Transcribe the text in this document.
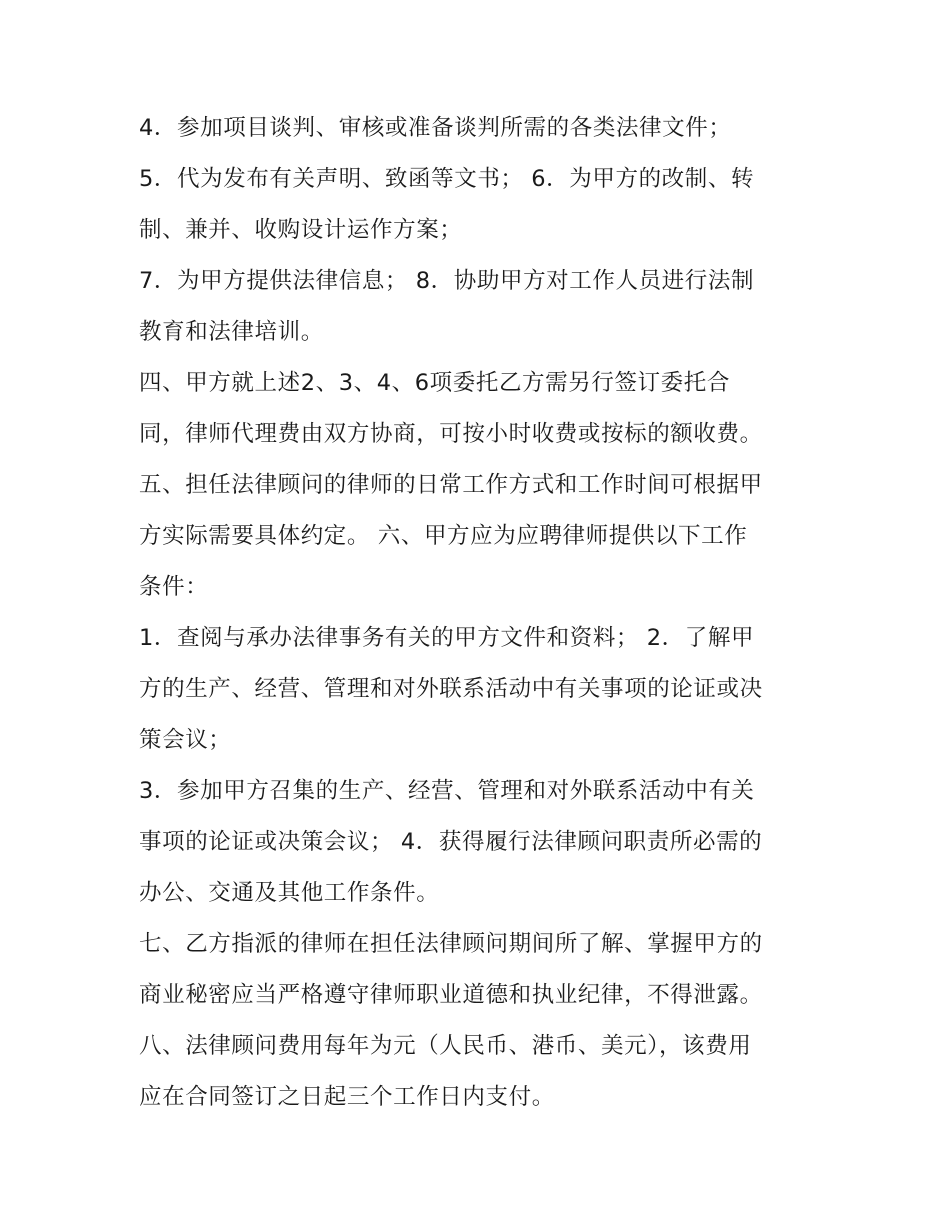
4．参加项目谈判、审核或准备谈判所需的各类法律文件；
5．代为发布有关声明、致函等文书； 6．为甲方的改制、转
制、兼并、收购设计运作方案；
7．为甲方提供法律信息； 8．协助甲方对工作人员进行法制
教育和法律培训。
四、甲方就上述2、3、4、6项委托乙方需另行签订委托合
同，律师代理费由双方协商，可按小时收费或按标的额收费。
五、担任法律顾问的律师的日常工作方式和工作时间可根据甲
方实际需要具体约定。 六、甲方应为应聘律师提供以下工作
条件：
1．查阅与承办法律事务有关的甲方文件和资料； 2．了解甲
方的生产、经营、管理和对外联系活动中有关事项的论证或决
策会议；
3．参加甲方召集的生产、经营、管理和对外联系活动中有关
事项的论证或决策会议； 4．获得履行法律顾问职责所必需的
办公、交通及其他工作条件。
七、乙方指派的律师在担任法律顾问期间所了解、掌握甲方的
商业秘密应当严格遵守律师职业道德和执业纪律，不得泄露。
八、法律顾问费用每年为元（人民币、港币、美元），该费用
应在合同签订之日起三个工作日内支付。
